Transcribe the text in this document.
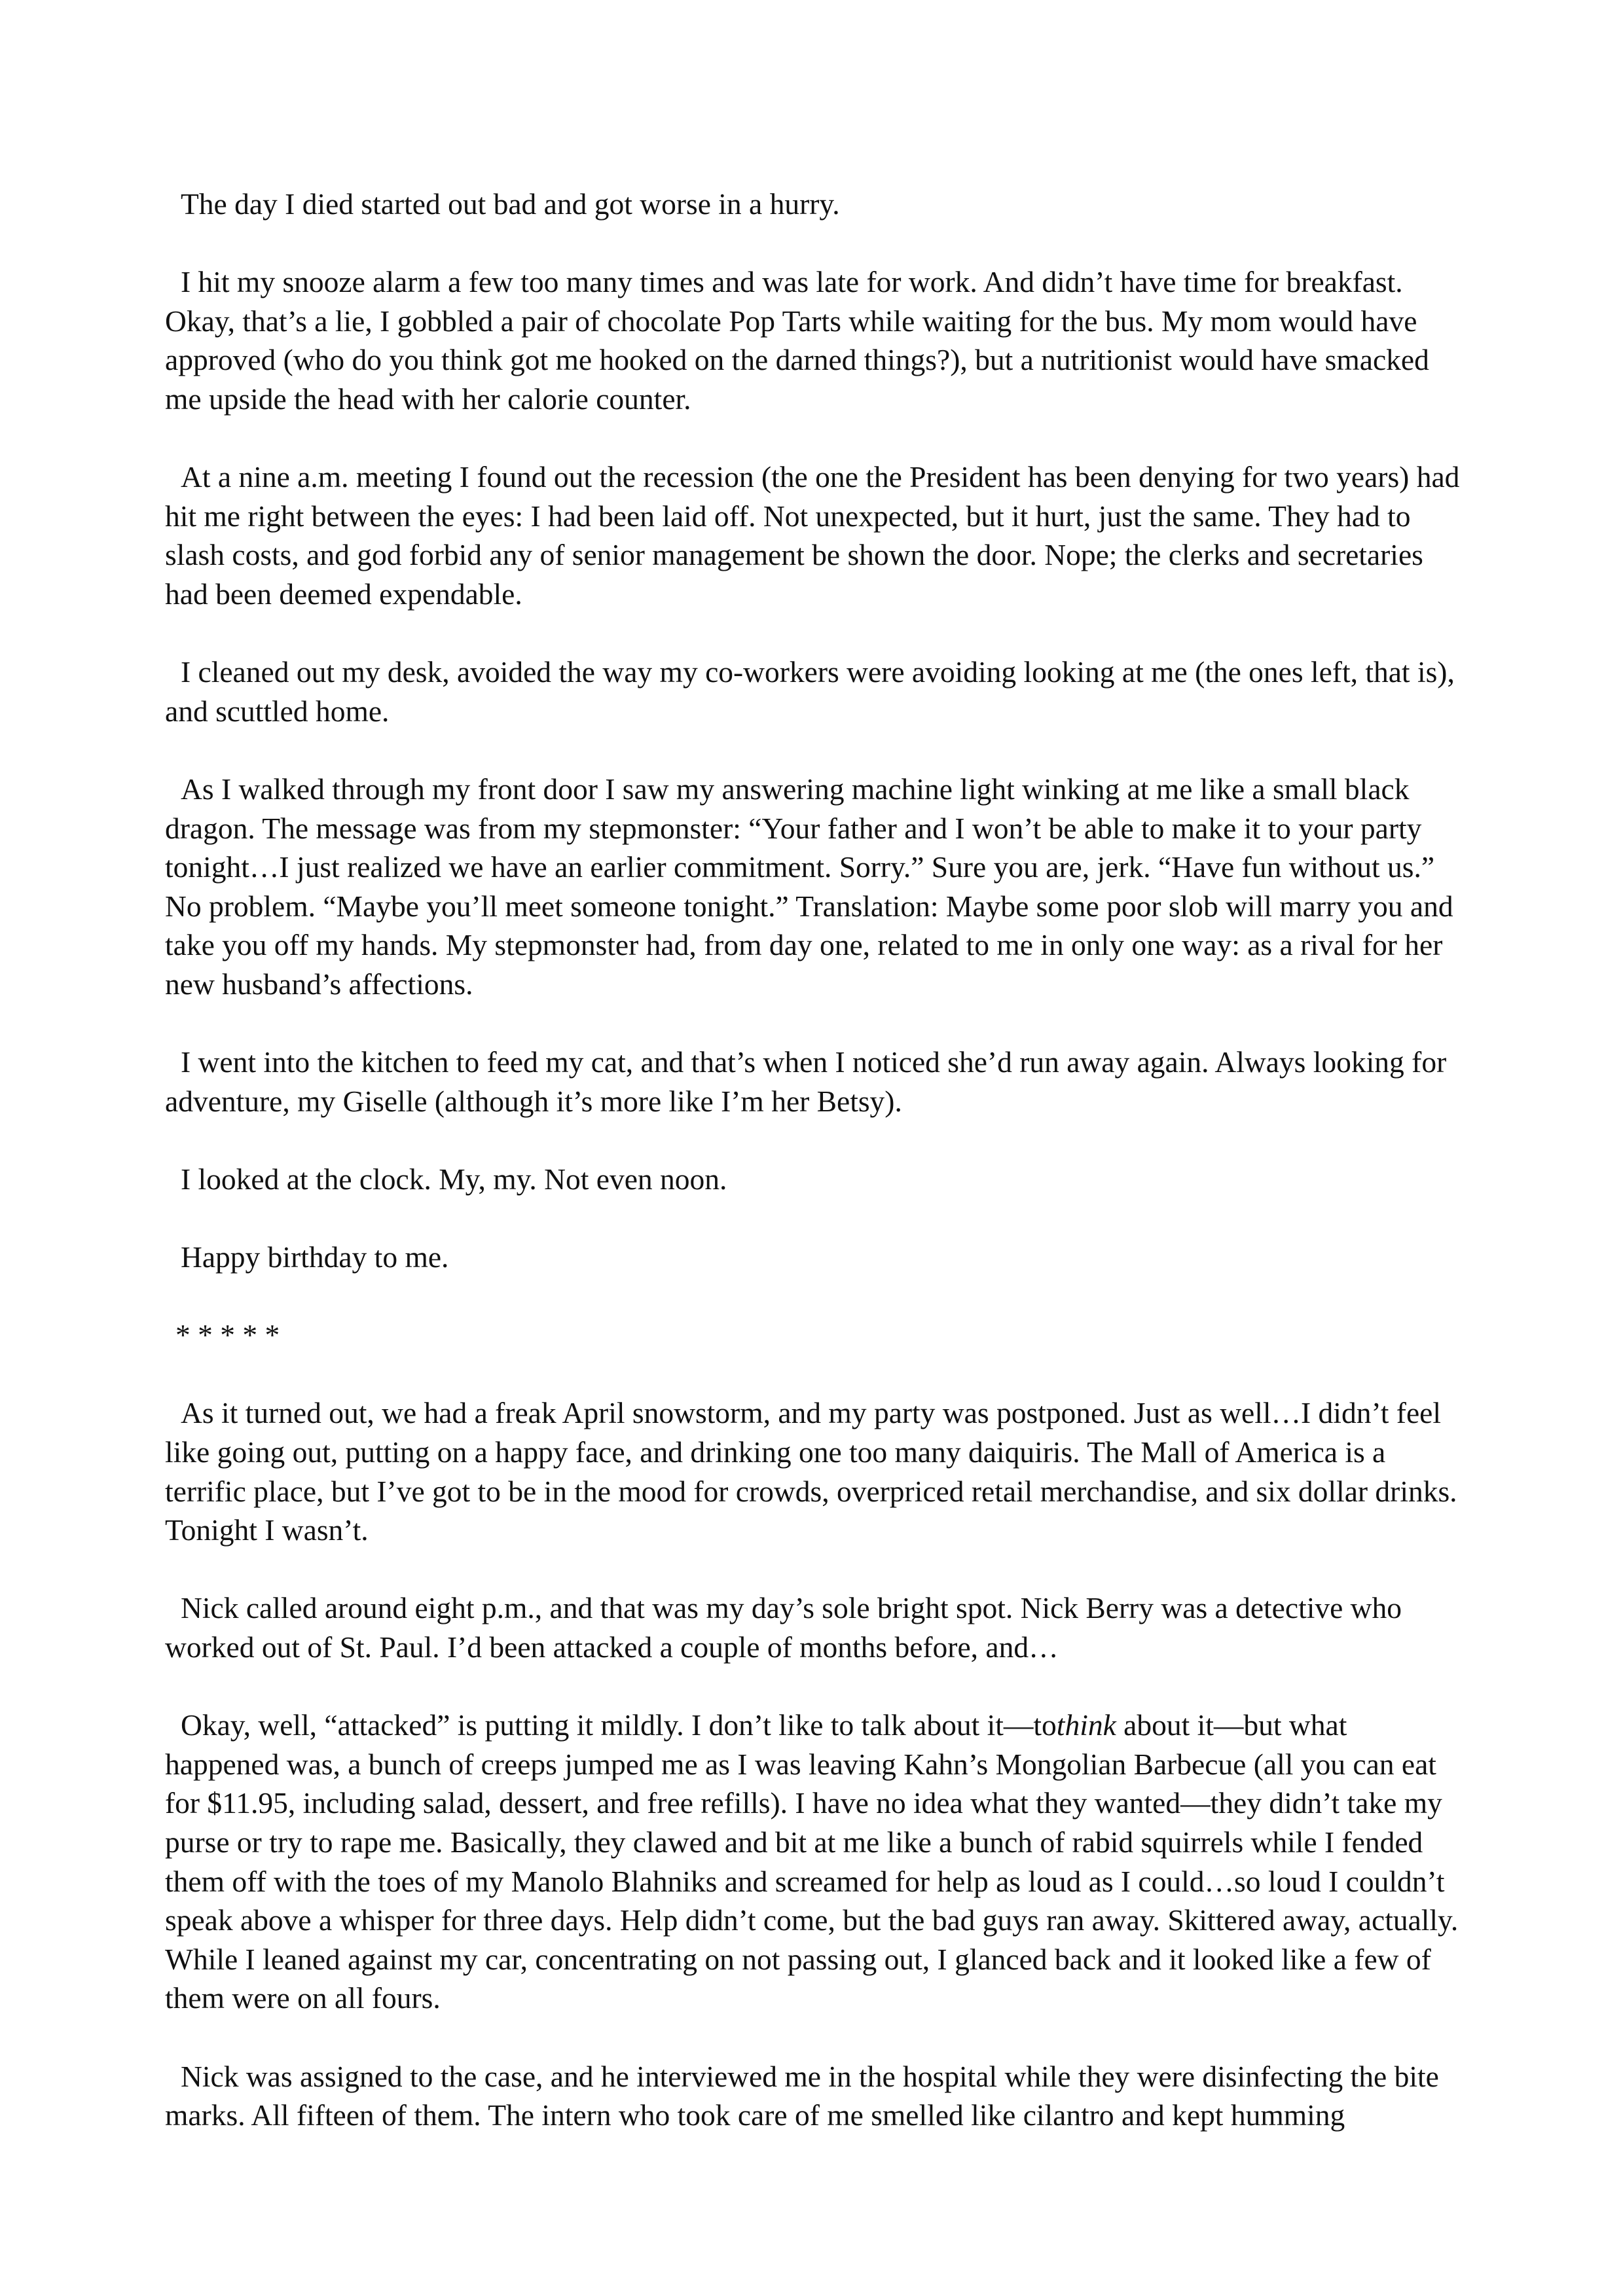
The day I died started out bad and got worse in a hurry.

I hit my snooze alarm a few too many times and was late for work. And didn’t have time for breakfast. Okay, that’s a lie, I gobbled a pair of chocolate Pop Tarts while waiting for the bus. My mom would have approved (who do you think got me hooked on the darned things?), but a nutritionist would have smacked me upside the head with her calorie counter.

At a nine a.m. meeting I found out the recession (the one the President has been denying for two years) had hit me right between the eyes: I had been laid off. Not unexpected, but it hurt, just the same. They had to slash costs, and god forbid any of senior management be shown the door. Nope; the clerks and secretaries had been deemed expendable.

I cleaned out my desk, avoided the way my co-workers were avoiding looking at me (the ones left, that is), and scuttled home.

As I walked through my front door I saw my answering machine light winking at me like a small black dragon. The message was from my stepmonster: “Your father and I won’t be able to make it to your party tonight…I just realized we have an earlier commitment. Sorry.” Sure you are, jerk. “Have fun without us.” No problem. “Maybe you’ll meet someone tonight.” Translation: Maybe some poor slob will marry you and take you off my hands. My stepmonster had, from day one, related to me in only one way: as a rival for her new husband’s affections.

I went into the kitchen to feed my cat, and that’s when I noticed she’d run away again. Always looking for adventure, my Giselle (although it’s more like I’m her Betsy).

I looked at the clock. My, my. Not even noon.

Happy birthday to me.

* * * * *

As it turned out, we had a freak April snowstorm, and my party was postponed. Just as well…I didn’t feel like going out, putting on a happy face, and drinking one too many daiquiris. The Mall of America is a terrific place, but I’ve got to be in the mood for crowds, overpriced retail merchandise, and six dollar drinks. Tonight I wasn’t.

Nick called around eight p.m., and that was my day’s sole bright spot. Nick Berry was a detective who worked out of St. Paul. I’d been attacked a couple of months before, and…

Okay, well, “attacked” is putting it mildly. I don’t like to talk about it—tothink about it—but what happened was, a bunch of creeps jumped me as I was leaving Kahn’s Mongolian Barbecue (all you can eat for $11.95, including salad, dessert, and free refills). I have no idea what they wanted—they didn’t take my purse or try to rape me. Basically, they clawed and bit at me like a bunch of rabid squirrels while I fended them off with the toes of my Manolo Blahniks and screamed for help as loud as I could…so loud I couldn’t speak above a whisper for three days. Help didn’t come, but the bad guys ran away. Skittered away, actually. While I leaned against my car, concentrating on not passing out, I glanced back and it looked like a few of them were on all fours.

Nick was assigned to the case, and he interviewed me in the hospital while they were disinfecting the bite marks. All fifteen of them. The intern who took care of me smelled like cilantro and kept humming
